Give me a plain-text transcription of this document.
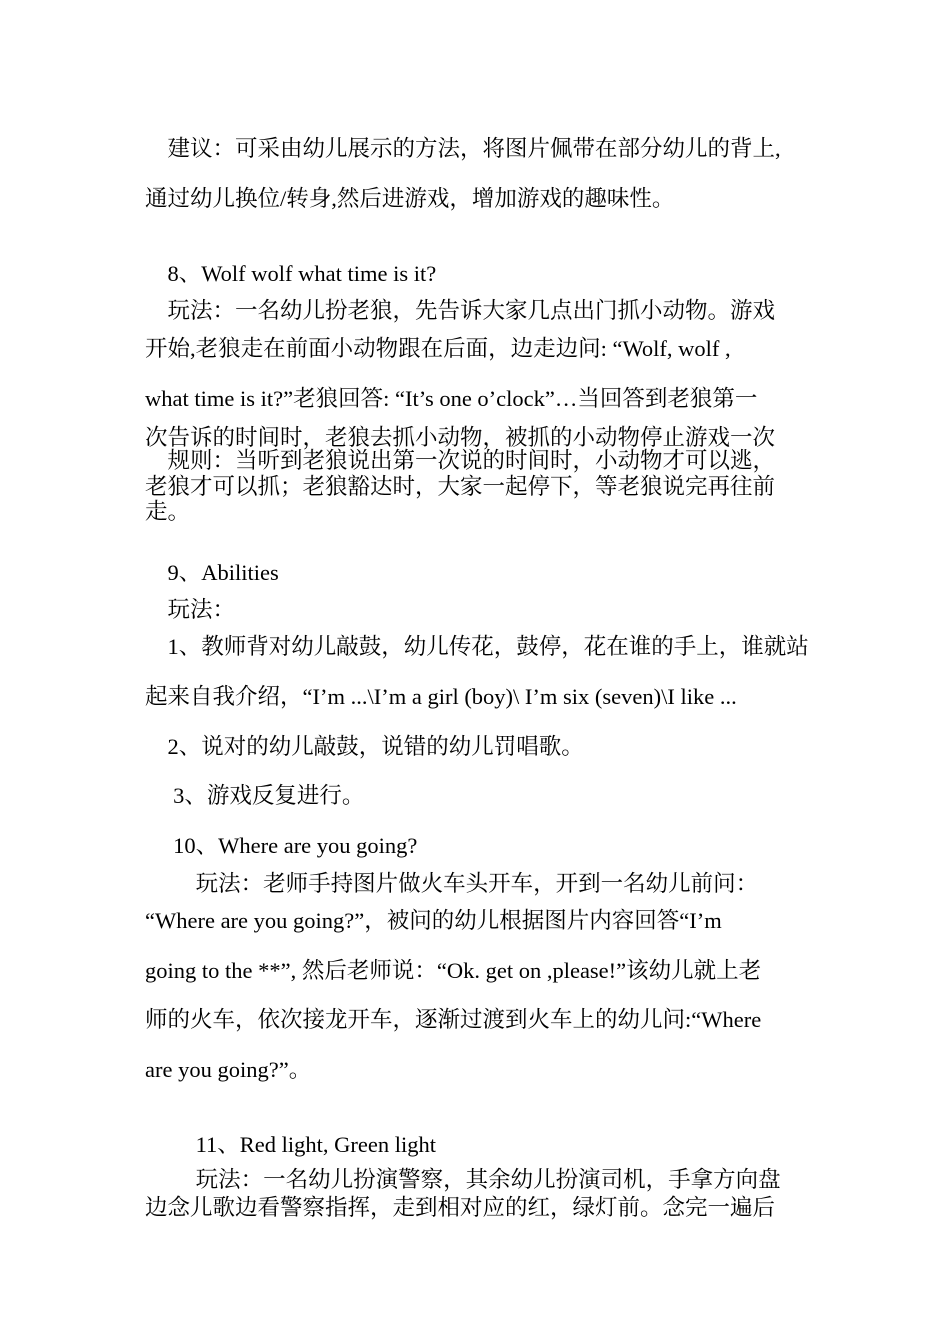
　建议：可采由幼儿展示的方法，将图片佩带在部分幼儿的背上,
通过幼儿换位/转身,然后进游戏，增加游戏的趣味性。
　8、Wolf wolf what time is it?
　玩法：一名幼儿扮老狼，先告诉大家几点出门抓小动物。游戏
开始,老狼走在前面小动物跟在后面，边走边问: “Wolf, wolf ,
what time is it?”老狼回答: “It’s one o’clock”…当回答到老狼第一
次告诉的时间时，老狼去抓小动物，被抓的小动物停止游戏一次
　规则：当听到老狼说出第一次说的时间时，小动物才可以逃，
老狼才可以抓；老狼豁达时，大家一起停下，等老狼说完再往前
走。
　9、Abilities
　玩法：
　1、教师背对幼儿敲鼓，幼儿传花，鼓停，花在谁的手上，谁就站
起来自我介绍，“I’m ...\I’m a girl (boy)\ I’m six (seven)\I like ...
　2、说对的幼儿敲鼓，说错的幼儿罚唱歌。
　 3、游戏反复进行。
　 10、Where are you going?
　　 玩法：老师手持图片做火车头开车，开到一名幼儿前问：
“Where are you going?”，被问的幼儿根据图片内容回答“I’m
going to the **”, 然后老师说：“Ok. get on ,please!”该幼儿就上老
师的火车，依次接龙开车，逐渐过渡到火车上的幼儿问:“Where
are you going?”。
　　 11、Red light, Green light
　　 玩法：一名幼儿扮演警察，其余幼儿扮演司机，手拿方向盘
边念儿歌边看警察指挥，走到相对应的红，绿灯前。念完一遍后
